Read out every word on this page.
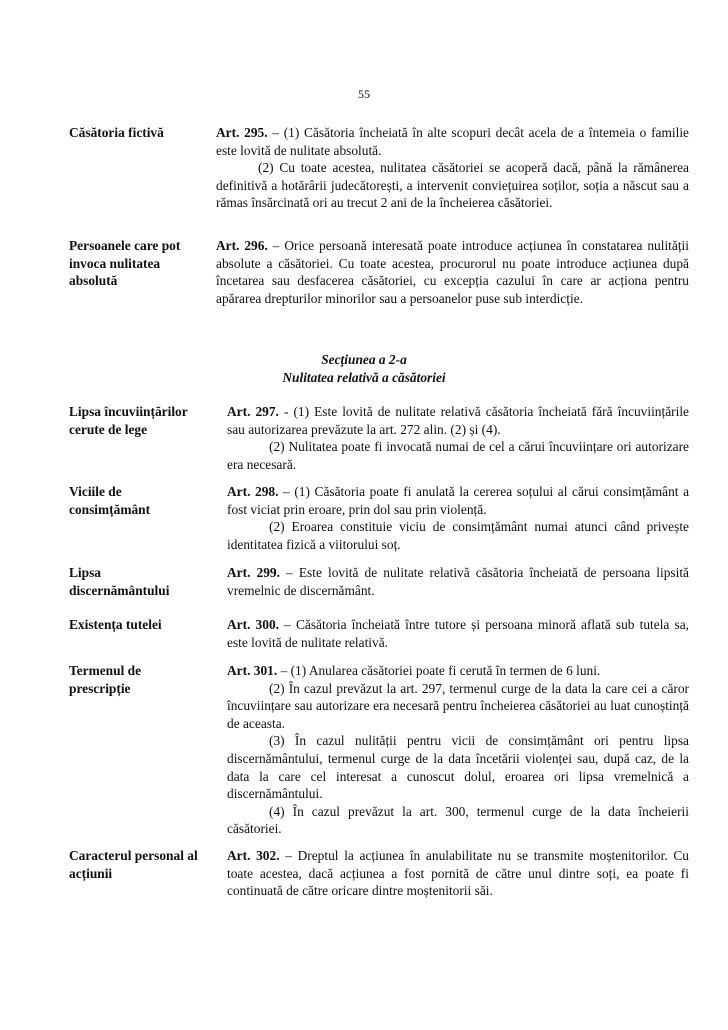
55
Căsătoria fictivă	Art. 295. – (1) Căsătoria încheiată în alte scopuri decât acela de a întemeia o familie este lovită de nulitate absolută.

(2) Cu toate acestea, nulitatea căsătoriei se acoperă dacă, până la rămânerea definitivă a hotărârii judecătorești, a intervenit conviețuirea soților, soția a născut sau a rămas însărcinată ori au trecut 2 ani de la încheierea căsătoriei.

Persoanele care pot
invoca nulitatea
absolută

Art. 296. – Orice persoană interesată poate introduce acțiunea în constatarea nulității absolute a căsătoriei. Cu toate acestea, procurorul nu poate introduce acțiunea după încetarea sau desfacerea căsătoriei, cu excepția cazului în care ar acționa pentru apărarea drepturilor minorilor sau a persoanelor puse sub interdicție.

Secțiunea a 2-a
Nulitatea relativă a căsătoriei
Lipsa încuviințărilor
cerute de lege

Art. 297. - (1) Este lovită de nulitate relativă căsătoria încheiată fără încuviințările sau autorizarea prevăzute la art. 272 alin. (2) și (4).

(2) Nulitatea poate fi invocată numai de cel a cărui încuviințare ori autorizare era necesară.

Viciile de
consimțământ

Art. 298. – (1) Căsătoria poate fi anulată la cererea soțului al cărui consimțământ a fost viciat prin eroare, prin dol sau prin violență.

(2) Eroarea constituie viciu de consimțământ numai atunci când privește identitatea fizică a viitorului soț.

Lipsa
discernământului

Art. 299. – Este lovită de nulitate relativă căsătoria încheiată de persoana lipsită vremelnic de discernământ.

Existența tutelei	Art. 300. – Căsătoria încheiată între tutore și persoana minoră aflată sub tutela sa, este lovită de nulitate relativă.

Termenul de
prescripție

Art. 301. – (1) Anularea căsătoriei poate fi cerută în termen de 6 luni.

(2) În cazul prevăzut la art. 297, termenul curge de la data la care cei a căror încuviințare sau autorizare era necesară pentru încheierea căsătoriei au luat cunoștință de aceasta.

(3) În cazul nulității pentru vicii de consimțământ ori pentru lipsa discernământului, termenul curge de la data încetării violenței sau, după caz, de la data la care cel interesat a cunoscut dolul, eroarea ori lipsa vremelnică a discernământului.

(4) În cazul prevăzut la art. 300, termenul curge de la data încheierii căsătoriei.

Caracterul personal al
acțiunii

Art. 302. – Dreptul la acțiunea în anulabilitate nu se transmite moștenitorilor. Cu toate acestea, dacă acțiunea a fost pornită de către unul dintre soți, ea poate fi continuată de către oricare dintre moștenitorii săi.
